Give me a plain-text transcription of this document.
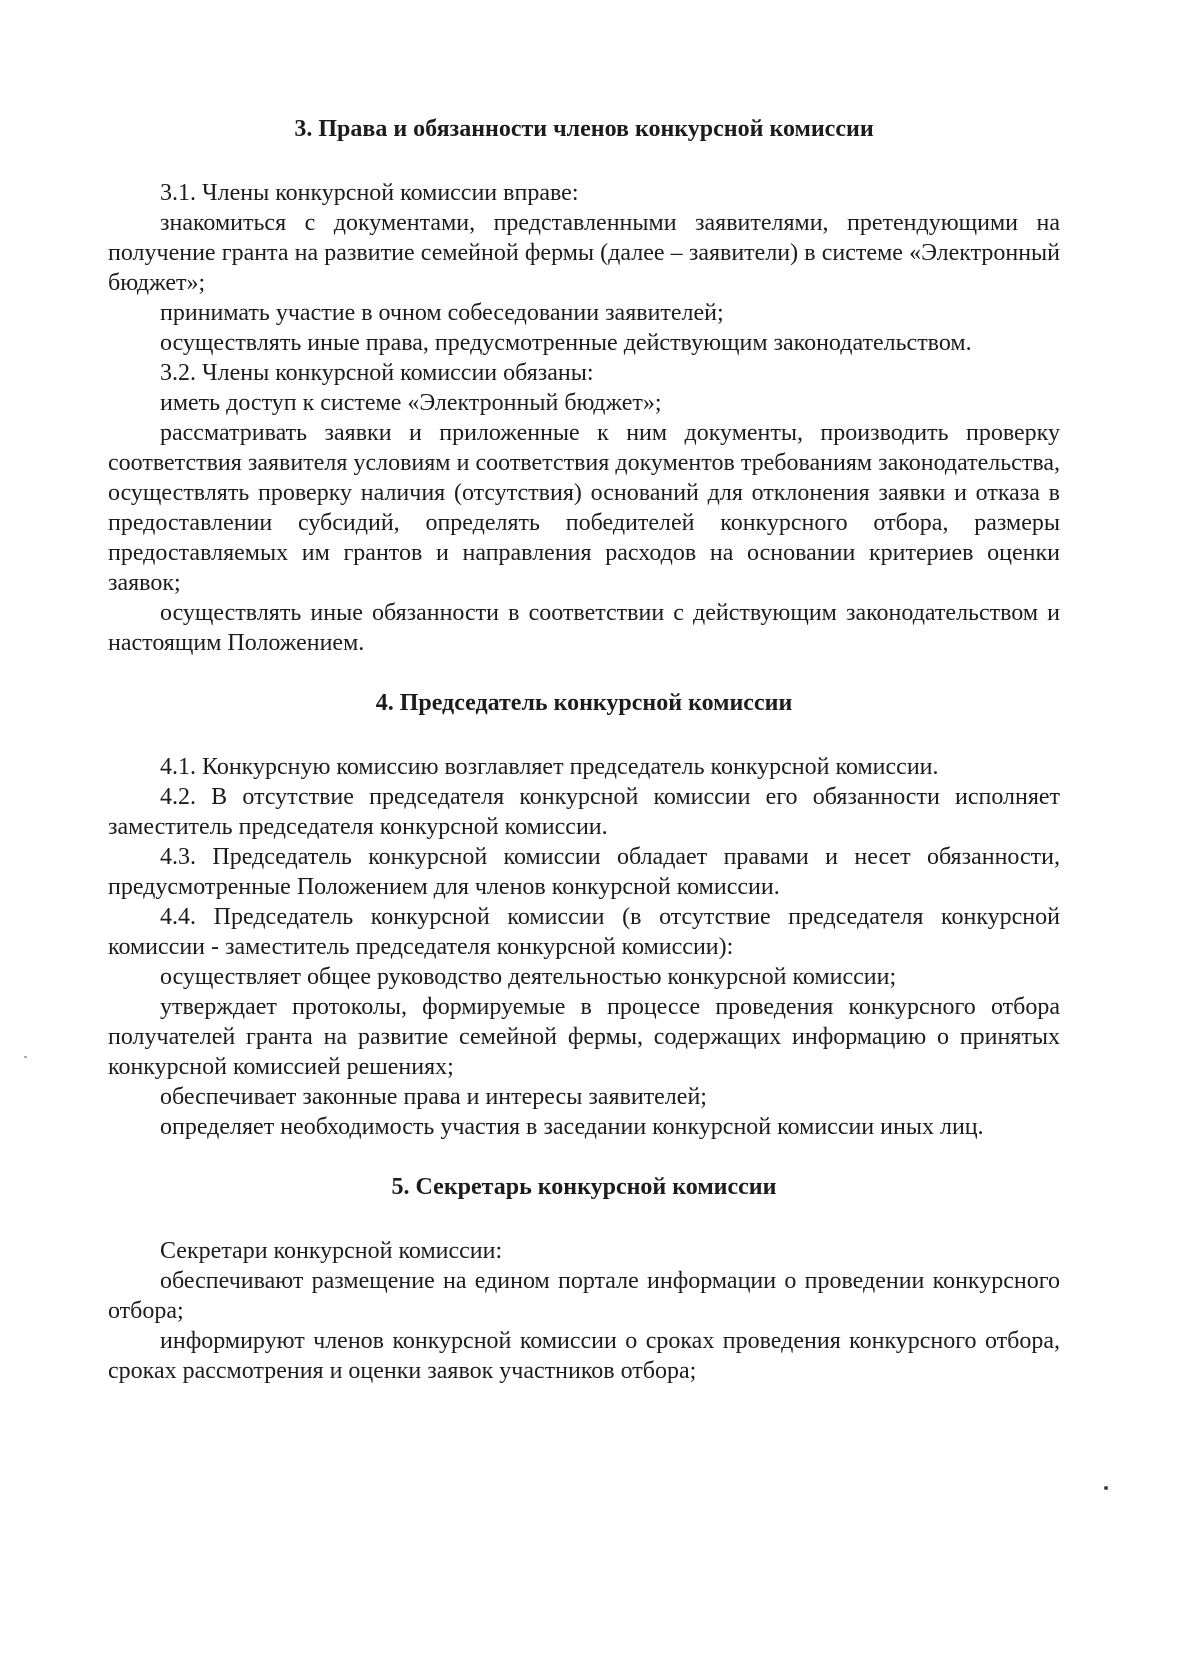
3. Права и обязанности членов конкурсной комиссии

3.1. Члены конкурсной комиссии вправе:

знакомиться с документами, представленными заявителями, претендующими на получение гранта на развитие семейной фермы (далее – заявители) в системе «Электронный бюджет»;

принимать участие в очном собеседовании заявителей;

осуществлять иные права, предусмотренные действующим законодательством.

3.2. Члены конкурсной комиссии обязаны:

иметь доступ к системе «Электронный бюджет»;

рассматривать заявки и приложенные к ним документы, производить проверку соответствия заявителя условиям и соответствия документов требованиям законодательства, осуществлять проверку наличия (отсутствия) оснований для отклонения заявки и отказа в предоставлении субсидий, определять победителей конкурсного отбора, размеры предоставляемых им грантов и направления расходов на основании критериев оценки заявок;

осуществлять иные обязанности в соответствии с действующим законодательством и настоящим Положением.

4. Председатель конкурсной комиссии

4.1. Конкурсную комиссию возглавляет председатель конкурсной комиссии.

4.2. В отсутствие председателя конкурсной комиссии его обязанности исполняет заместитель председателя конкурсной комиссии.

4.3. Председатель конкурсной комиссии обладает правами и несет обязанности, предусмотренные Положением для членов конкурсной комиссии.

4.4. Председатель конкурсной комиссии (в отсутствие председателя конкурсной комиссии - заместитель председателя конкурсной комиссии):

осуществляет общее руководство деятельностью конкурсной комиссии;

утверждает протоколы, формируемые в процессе проведения конкурсного отбора получателей гранта на развитие семейной фермы, содержащих информацию о принятых конкурсной комиссией решениях;

обеспечивает законные права и интересы заявителей;

определяет необходимость участия в заседании конкурсной комиссии иных лиц.

5. Секретарь конкурсной комиссии

Секретари конкурсной комиссии:

обеспечивают размещение на едином портале информации о проведении конкурсного отбора;

информируют членов конкурсной комиссии о сроках проведения конкурсного отбора, сроках рассмотрения и оценки заявок участников отбора;
